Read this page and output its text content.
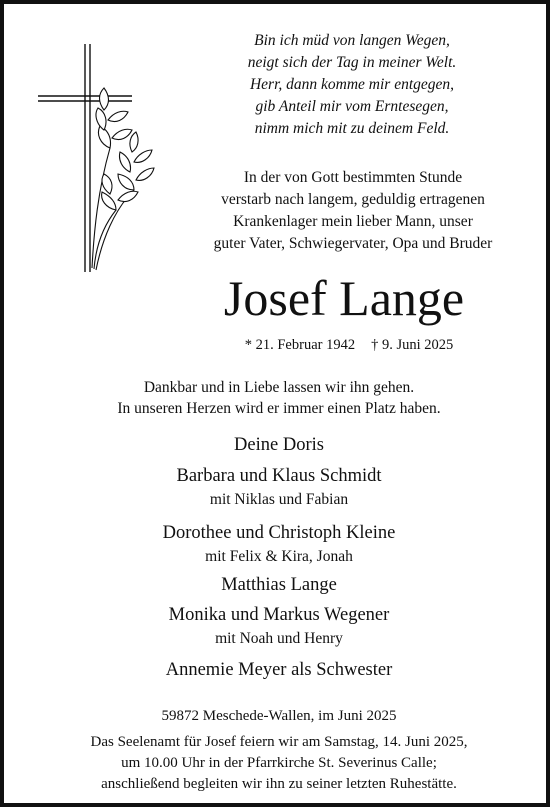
Bin ich müd von langen Wegen,
neigt sich der Tag in meiner Welt.
Herr, dann komme mir entgegen,
gib Anteil mir vom Erntesegen,
nimm mich mit zu deinem Feld.
In der von Gott bestimmten Stunde
verstarb nach langem, geduldig ertragenen
Krankenlager mein lieber Mann, unser
guter Vater, Schwiegervater, Opa und Bruder
Josef Lange
* 21. Februar 1942 † 9. Juni 2025
Dankbar und in Liebe lassen wir ihn gehen.
In unseren Herzen wird er immer einen Platz haben.
Deine Doris
Barbara und Klaus Schmidt
mit Niklas und Fabian
Dorothee und Christoph Kleine
mit Felix & Kira, Jonah
Matthias Lange
Monika und Markus Wegener
mit Noah und Henry
Annemie Meyer als Schwester
59872 Meschede-Wallen, im Juni 2025
Das Seelenamt für Josef feiern wir am Samstag, 14. Juni 2025,
um 10.00 Uhr in der Pfarrkirche St. Severinus Calle;
anschließend begleiten wir ihn zu seiner letzten Ruhestätte.
